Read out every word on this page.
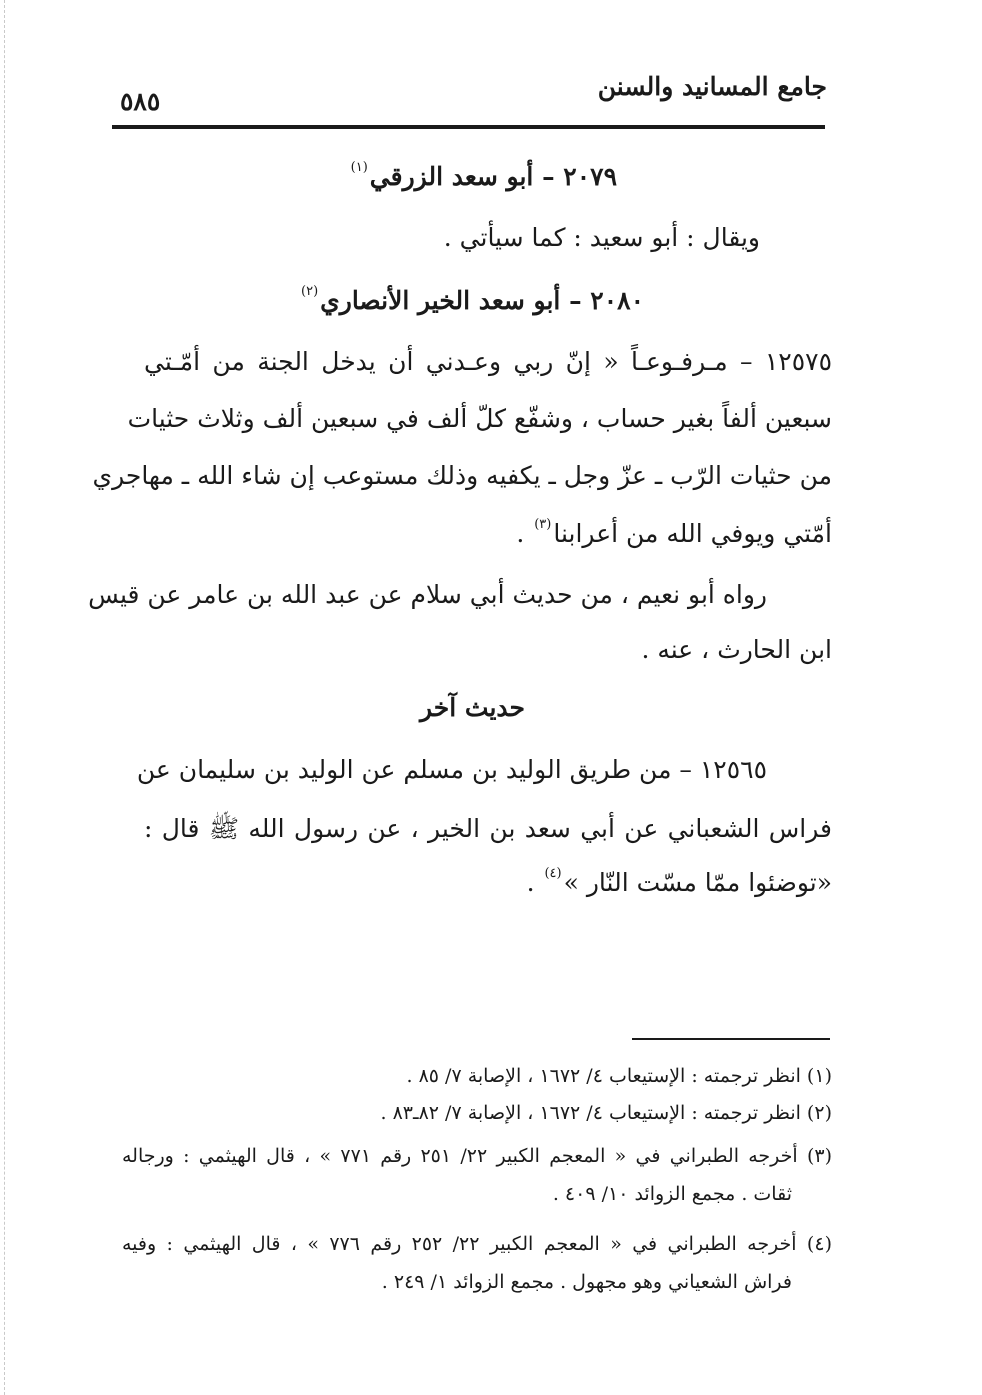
جامع المسانيد والسنن
٥٨٥
٢٠٧٩ – أبو سعد الزرقي$^{(١)}$
ويقال : أبو سعيد : كما سيأتي .
٢٠٨٠ – أبو سعد الخير الأنصاري$^{(٢)}$
١٢٥٧٥ – مـرفـوعـاً « إنّ ربي وعـدني أن يدخل الجنة من أمّـتي
سبعين ألفاً بغير حساب ، وشفّع كلّ ألف في سبعين ألف وثلاث حثيات
من حثيات الرّب ـ عزّ وجل ـ يكفيه وذلك مستوعب إن شاء الله ـ مهاجري
أمّتي ويوفي الله من أعرابنا$^{(٣)}$ .
رواه أبو نعيم ، من حديث أبي سلام عن عبد الله بن عامر عن قيس
ابن الحارث ، عنه .
حديث آخر
١٢٥٦٥ – من طريق الوليد بن مسلم عن الوليد بن سليمان عن
فراس الشعباني عن أبي سعد بن الخير ، عن رسول الله ﷺ قال :
«توضئوا ممّا مسّت النّار »$^{(٤)}$ .
(١) انظر ترجمته : الإستيعاب ٤/ ١٦٧٢ ، الإصابة ٧/ ٨٥ .
(٢) انظر ترجمته : الإستيعاب ٤/ ١٦٧٢ ، الإصابة ٧/ ٨٢ـ٨٣ .
(٣) أخرجه الطبراني في « المعجم الكبير ٢٢/ ٢٥١ رقم ٧٧١ » ، قال الهيثمي : ورجاله
ثقات . مجمع الزوائد ١٠/ ٤٠٩ .
(٤) أخرجه الطبراني في « المعجم الكبير ٢٢/ ٢٥٢ رقم ٧٧٦ » ، قال الهيثمي : وفيه
فراش الشعياني وهو مجهول . مجمع الزوائد ١/ ٢٤٩ .
